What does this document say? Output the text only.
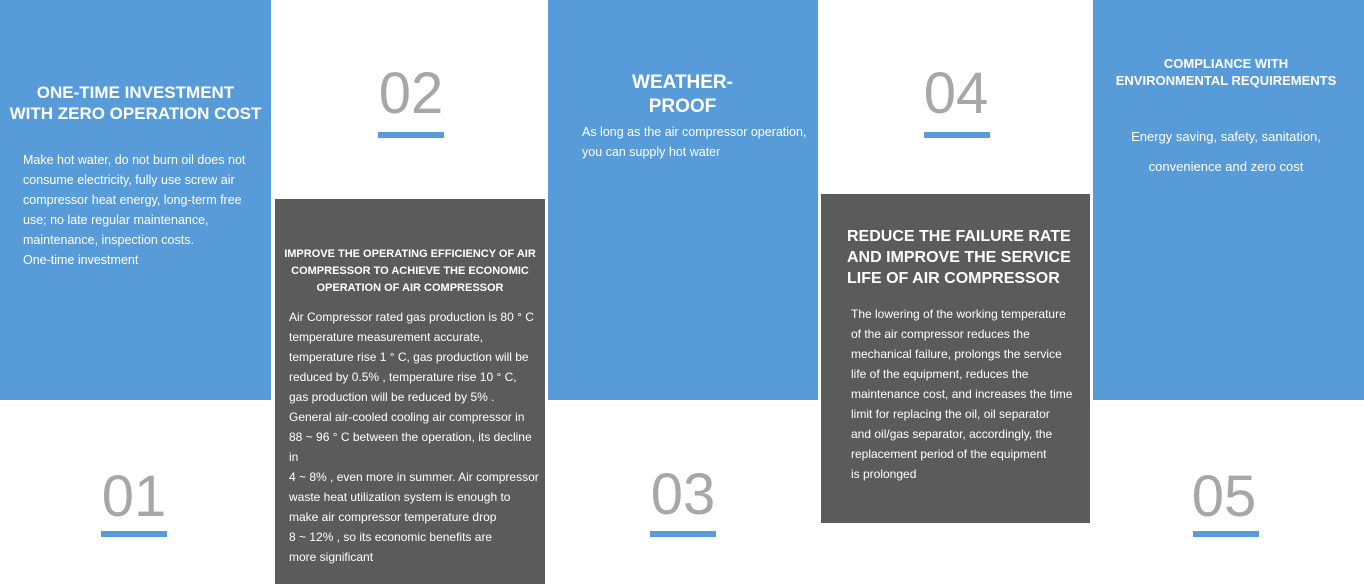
ONE-TIME INVESTMENT
WITH ZERO OPERATION COST
Make hot water, do not burn oil does not
consume electricity, fully use screw air
compressor heat energy, long-term free
use; no late regular maintenance,
maintenance, inspection costs.
One-time investment
01
02
IMPROVE THE OPERATING EFFICIENCY OF AIR
COMPRESSOR TO ACHIEVE THE ECONOMIC
OPERATION OF AIR COMPRESSOR
Air Compressor rated gas production is 80 ° C
temperature measurement accurate,
temperature rise 1 ° C, gas production will be
reduced by 0.5% , temperature rise 10 ° C,
gas production will be reduced by 5% .
General air-cooled cooling air compressor in
88 ~ 96 ° C between the operation, its decline in
4 ~ 8% , even more in summer. Air compressor
waste heat utilization system is enough to
make air compressor temperature drop
8 ~ 12% , so its economic benefits are
more significant
WEATHER-PROOF
As long as the air compressor operation,
you can supply hot water
03
04
REDUCE THE FAILURE RATE
AND IMPROVE THE SERVICE
LIFE OF AIR COMPRESSOR
The lowering of the working temperature
of the air compressor reduces the
mechanical failure, prolongs the service
life of the equipment, reduces the
maintenance cost, and increases the time
limit for replacing the oil, oil separator
and oil/gas separator, accordingly, the
replacement period of the equipment
is prolonged
COMPLIANCE WITH
ENVIRONMENTAL REQUIREMENTS
Energy saving, safety, sanitation,
convenience and zero cost
05
